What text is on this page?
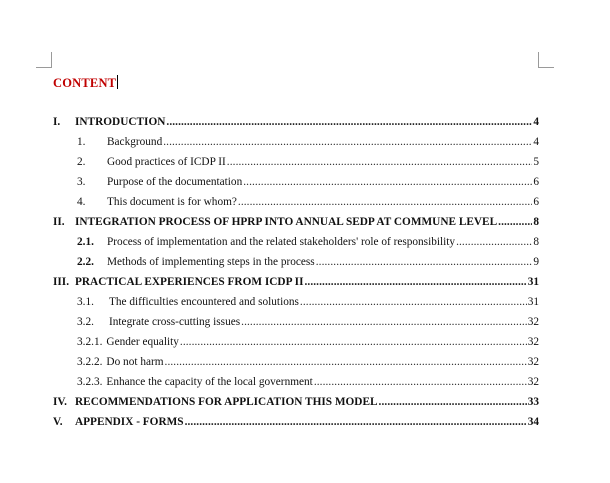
CONTENT
I.	INTRODUCTION .....	4
1.	Background .....	4
2.	Good practices of ICDP II .....	5
3.	Purpose of the documentation .....	6
4.	This document is for whom? .....	6
II. INTEGRATION PROCESS OF HPRP INTO ANNUAL SEDP AT COMMUNE LEVEL .....	8
2.1.	Process of implementation and the related stakeholders' role of responsibility .....	8
2.2.	Methods of implementing steps in the process .....	9
III. PRACTICAL EXPERIENCES FROM ICDP II .....	31
3.1.	The difficulties encountered and solutions .....	31
3.2.	Integrate cross-cutting issues .....	32
3.2.1. Gender equality .....	32
3.2.2. Do not harm .....	32
3.2.3. Enhance the capacity of the local government .....	32
IV. RECOMMENDATIONS FOR APPLICATION THIS MODEL .....	33
V.	APPENDIX - FORMS .....	34
